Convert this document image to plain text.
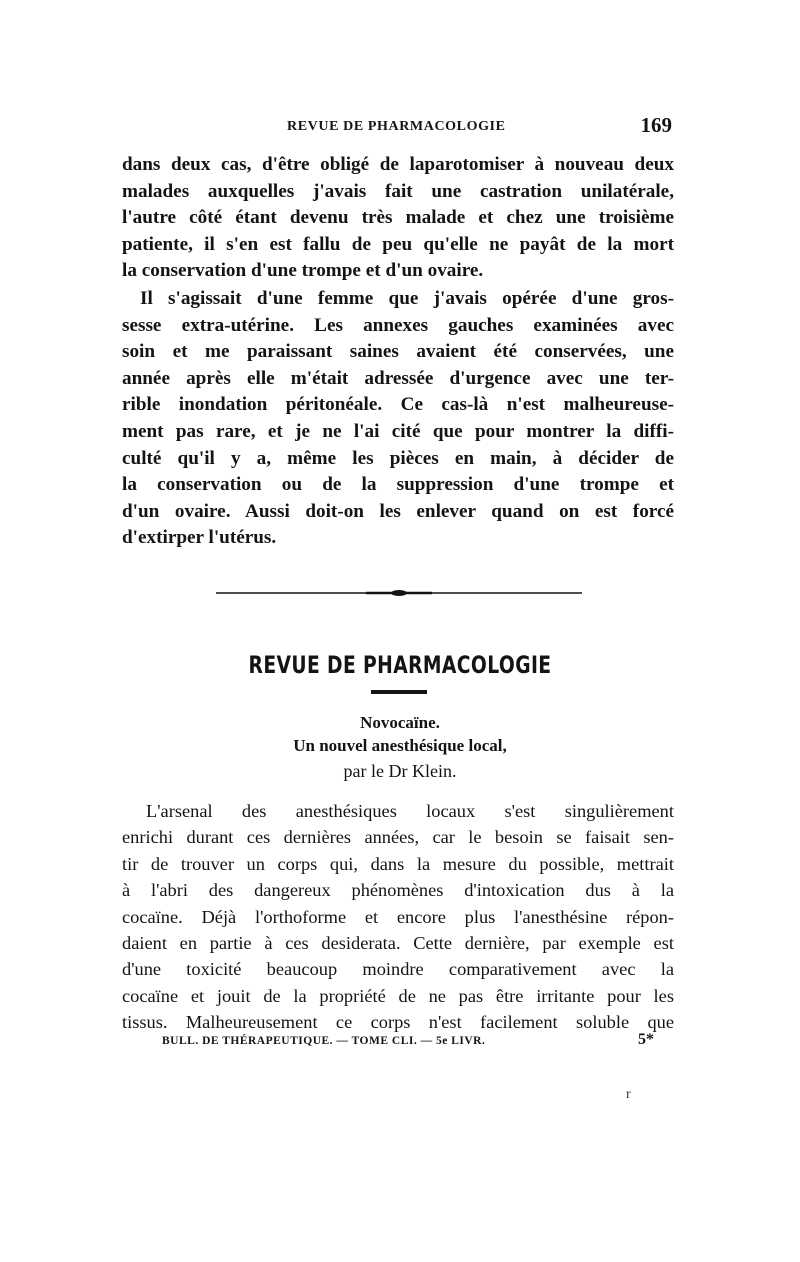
REVUE DE PHARMACOLOGIE	169
dans deux cas, d'être obligé de laparotomiser à nouveau deux
malades auxquelles j'avais fait une castration unilatérale,
l'autre côté étant devenu très malade et chez une troisième
patiente, il s'en est fallu de peu qu'elle ne payât de la mort
la conservation d'une trompe et d'un ovaire.
Il s'agissait d'une femme que j'avais opérée d'une gros-
sesse extra-utérine. Les annexes gauches examinées avec
soin et me paraissant saines avaient été conservées, une
année après elle m'était adressée d'urgence avec une ter-
rible inondation péritonéale. Ce cas-là n'est malheureuse-
ment pas rare, et je ne l'ai cité que pour montrer la diffi-
culté qu'il y a, même les pièces en main, à décider de
la conservation ou de la suppression d'une trompe et
d'un ovaire. Aussi doit-on les enlever quand on est forcé
d'extirper l'utérus.
REVUE DE PHARMACOLOGIE
Novocaïne.
Un nouvel anesthésique local,
par le Dr Klein.
L'arsenal des anesthésiques locaux s'est singulièrement
enrichi durant ces dernières années, car le besoin se faisait sen-
tir de trouver un corps qui, dans la mesure du possible, mettrait
à l'abri des dangereux phénomènes d'intoxication dus à la
cocaïne. Déjà l'orthoforme et encore plus l'anesthésine répon-
daient en partie à ces desiderata. Cette dernière, par exemple est
d'une toxicité beaucoup moindre comparativement avec la
cocaïne et jouit de la propriété de ne pas être irritante pour les
tissus. Malheureusement ce corps n'est facilement soluble que
BULL. DE THÉRAPEUTIQUE. — TOME CLI. — 5e LIVR.	5*
r
